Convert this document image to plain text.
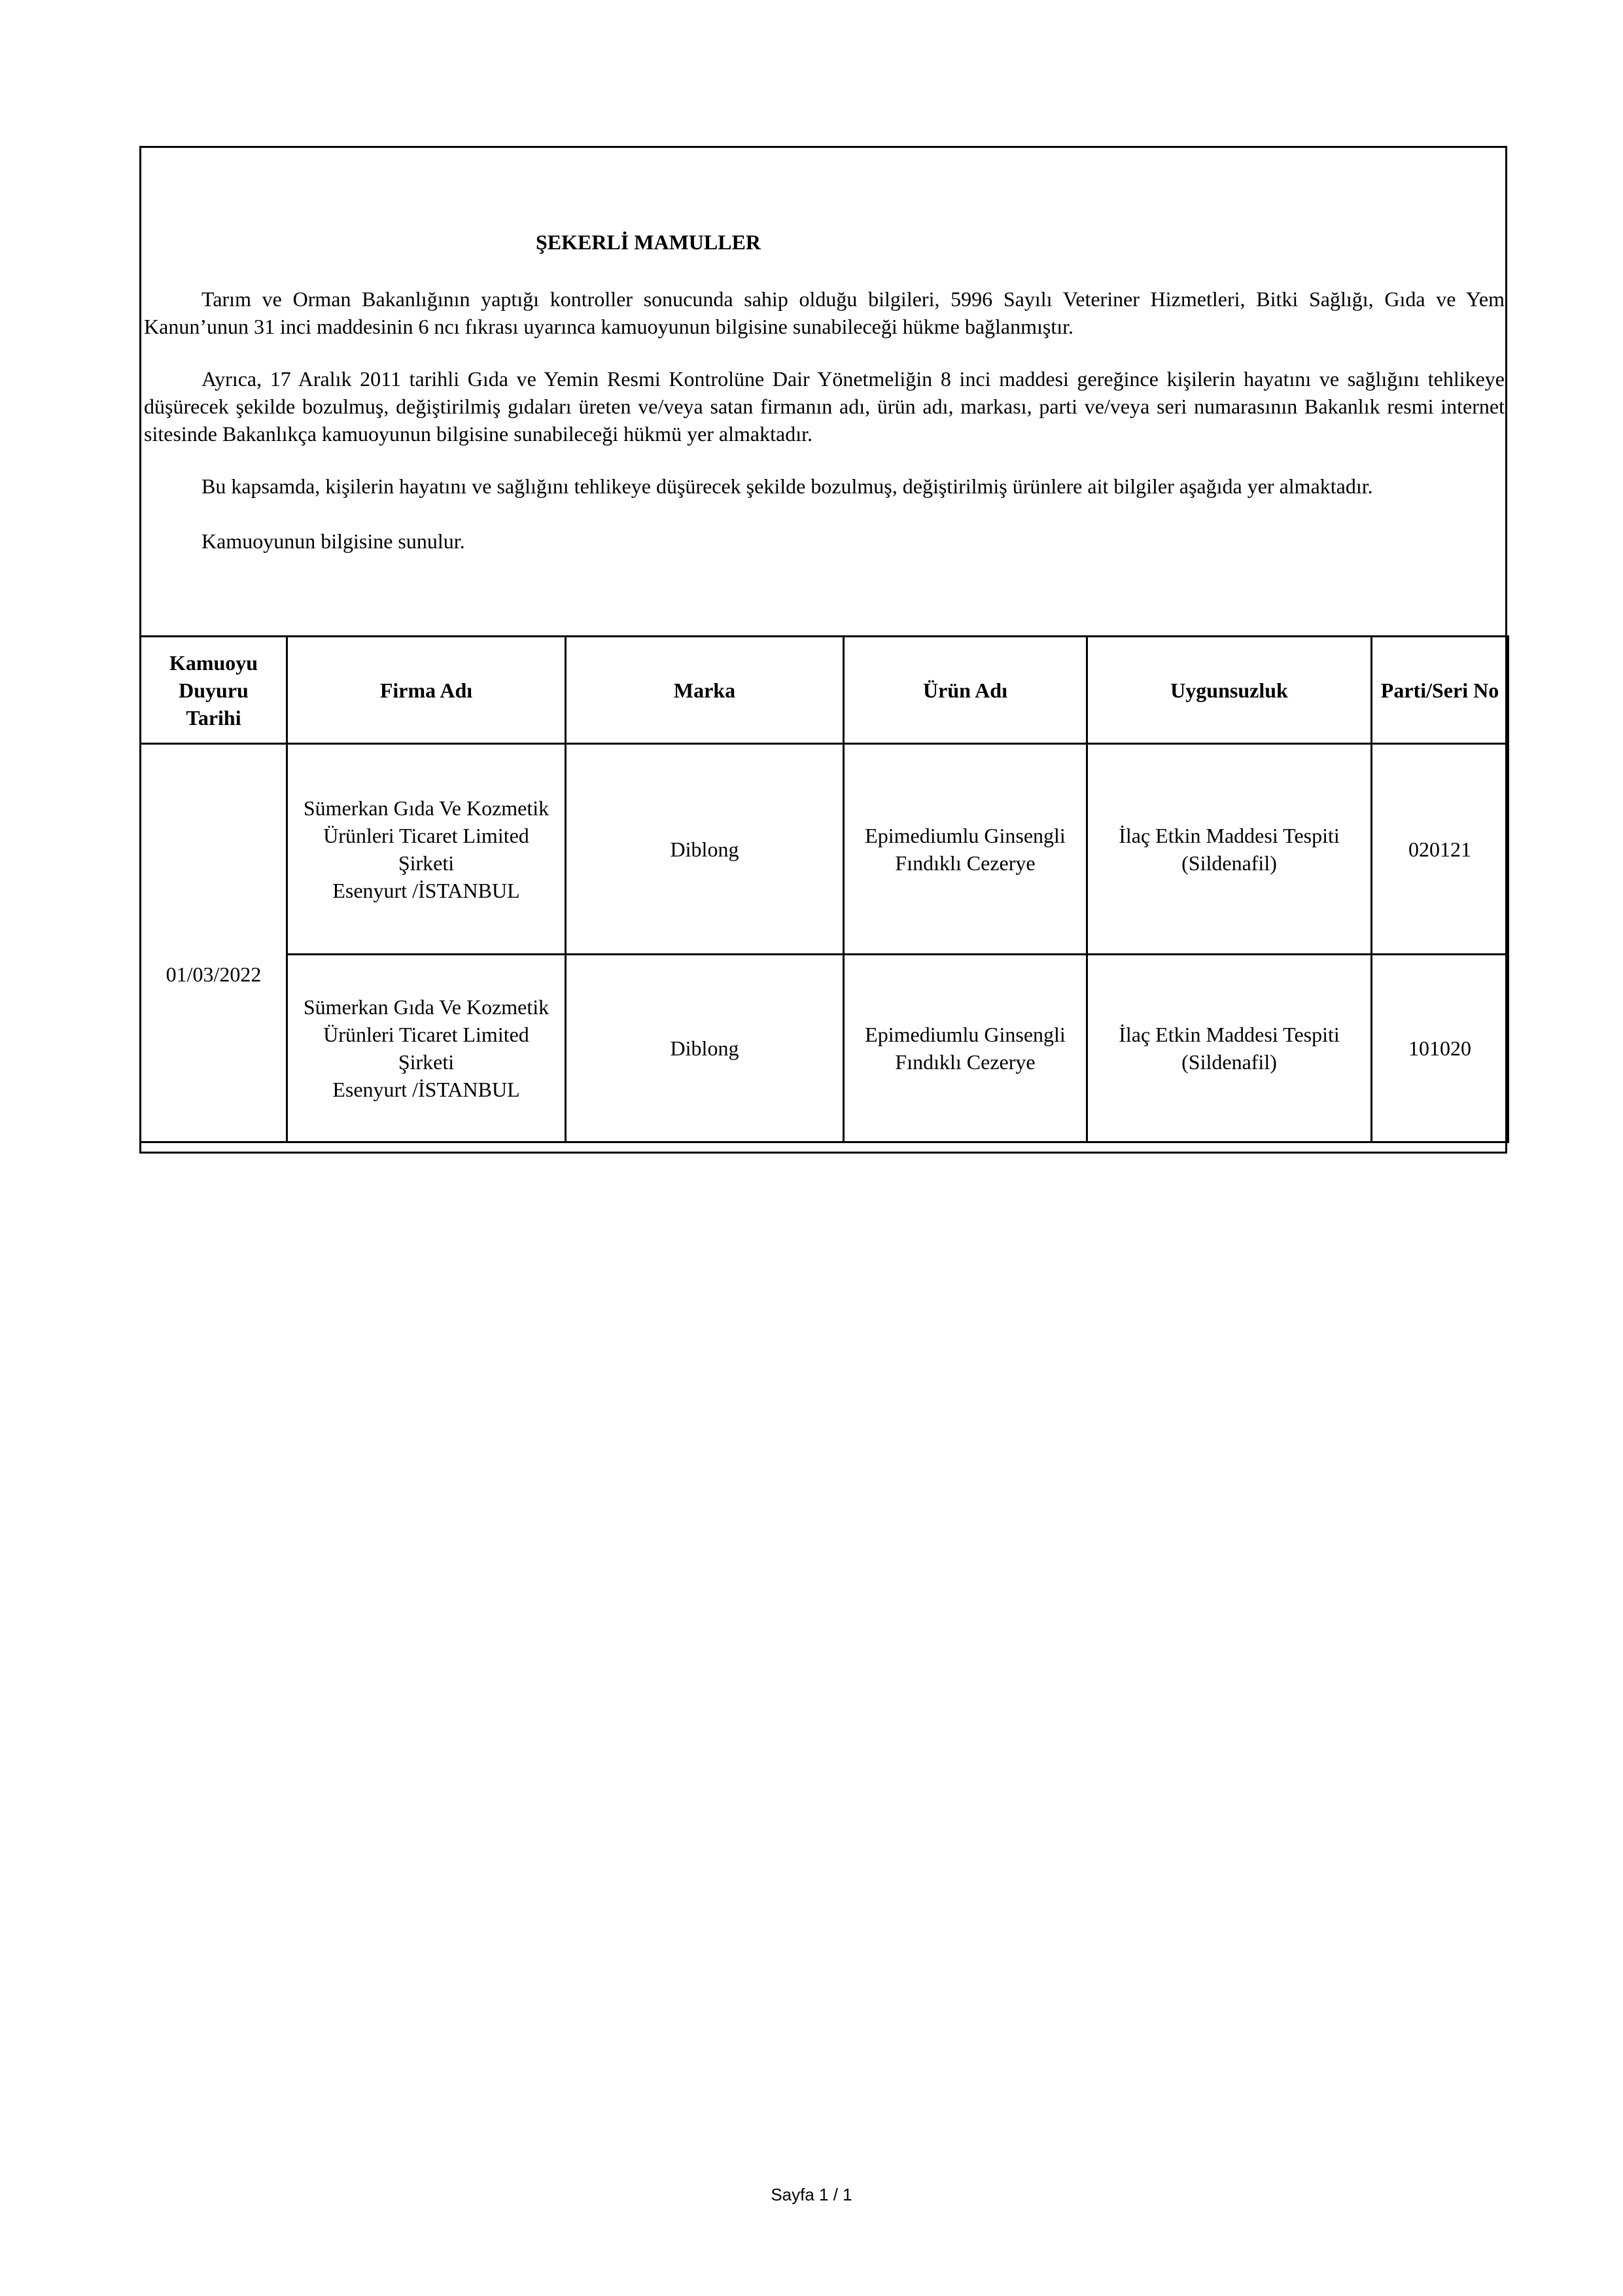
ŞEKERLİ MAMULLER

Tarım ve Orman Bakanlığının yaptığı kontroller sonucunda sahip olduğu bilgileri, 5996 Sayılı Veteriner Hizmetleri, Bitki Sağlığı, Gıda ve Yem Kanun’unun 31 inci maddesinin 6 ncı fıkrası uyarınca kamuoyunun bilgisine sunabileceği hükme bağlanmıştır.

Ayrıca, 17 Aralık 2011 tarihli Gıda ve Yemin Resmi Kontrolüne Dair Yönetmeliğin 8 inci maddesi gereğince kişilerin hayatını ve sağlığını tehlikeye düşürecek şekilde bozulmuş, değiştirilmiş gıdaları üreten ve/veya satan firmanın adı, ürün adı, markası, parti ve/veya seri numarasının Bakanlık resmi internet sitesinde Bakanlıkça kamuoyunun bilgisine sunabileceği hükmü yer almaktadır.

Bu kapsamda, kişilerin hayatını ve sağlığını tehlikeye düşürecek şekilde bozulmuş, değiştirilmiş ürünlere ait bilgiler aşağıda yer almaktadır.

Kamuoyunun bilgisine sunulur.

Kamuoyu
Duyuru
Tarihi	Firma Adı	Marka	Ürün Adı	Uygunsuzluk	Parti/Seri No
01/03/2022	Sümerkan Gıda Ve Kozmetik
Ürünleri Ticaret Limited
Şirketi
Esenyurt /İSTANBUL	Diblong	Epimediumlu Ginsengli
Fındıklı Cezerye	İlaç Etkin Maddesi Tespiti
(Sildenafil)	020121

	Sümerkan Gıda Ve Kozmetik
Ürünleri Ticaret Limited
Şirketi
Esenyurt /İSTANBUL	Diblong	Epimediumlu Ginsengli
Fındıklı Cezerye	İlaç Etkin Maddesi Tespiti
(Sildenafil)	101020
Sayfa 1 / 1
